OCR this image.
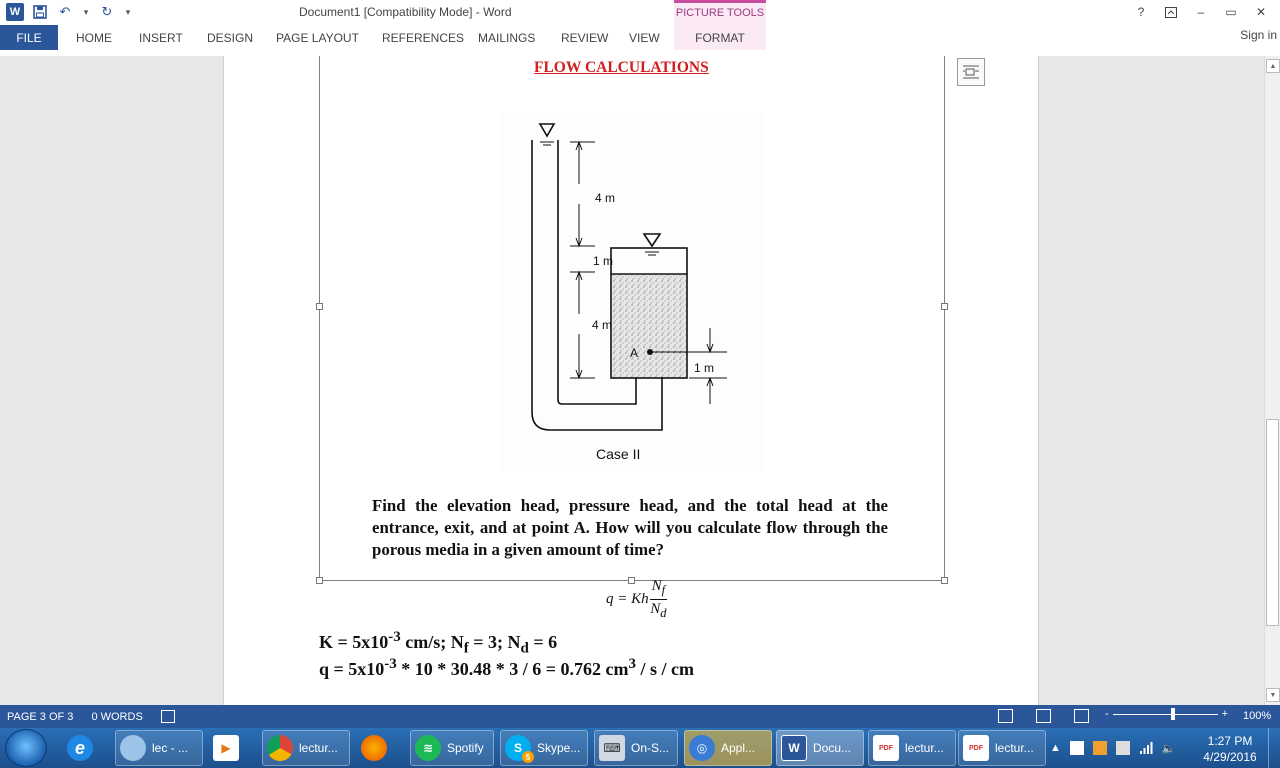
W	↶	▾ ↻	▾	Document1 [Compatibility Mode] - Word	PICTURE TOOLS	?	–	▭	✕
FILE	HOME INSERT DESIGN PAGE LAYOUT REFERENCES MAILINGS REVIEW VIEW	FORMAT	Sign in
FLOW CALCULATIONS
4 m
1 m
4 m
1 m
A
Case II
Find the elevation head, pressure head, and the total head at the entrance, exit, and at point A. How will you calculate flow through the porous media in a given amount of time?
q = Kh $\frac{N_f}{N_d}$
$K = 5x10^{-3}$ cm/s; $N_f = 3$; $N_d = 6$
$q = 5x10^{-3} * 10 * 30.48 * 3 / 6 = 0.762$ $cm^3$ / s / cm
▲
▼
PAGE 3 OF 3 0 WORDS	-	+ 100%
e	lec - ...	▶	lectur...	≋	Spotify	S
5
Skype...	⌨ On-S...	◎	Appl...	W	Docu...	PDF	lectur...	PDF	lectur... ▲	🔈
1:27 PM
4/29/2016
